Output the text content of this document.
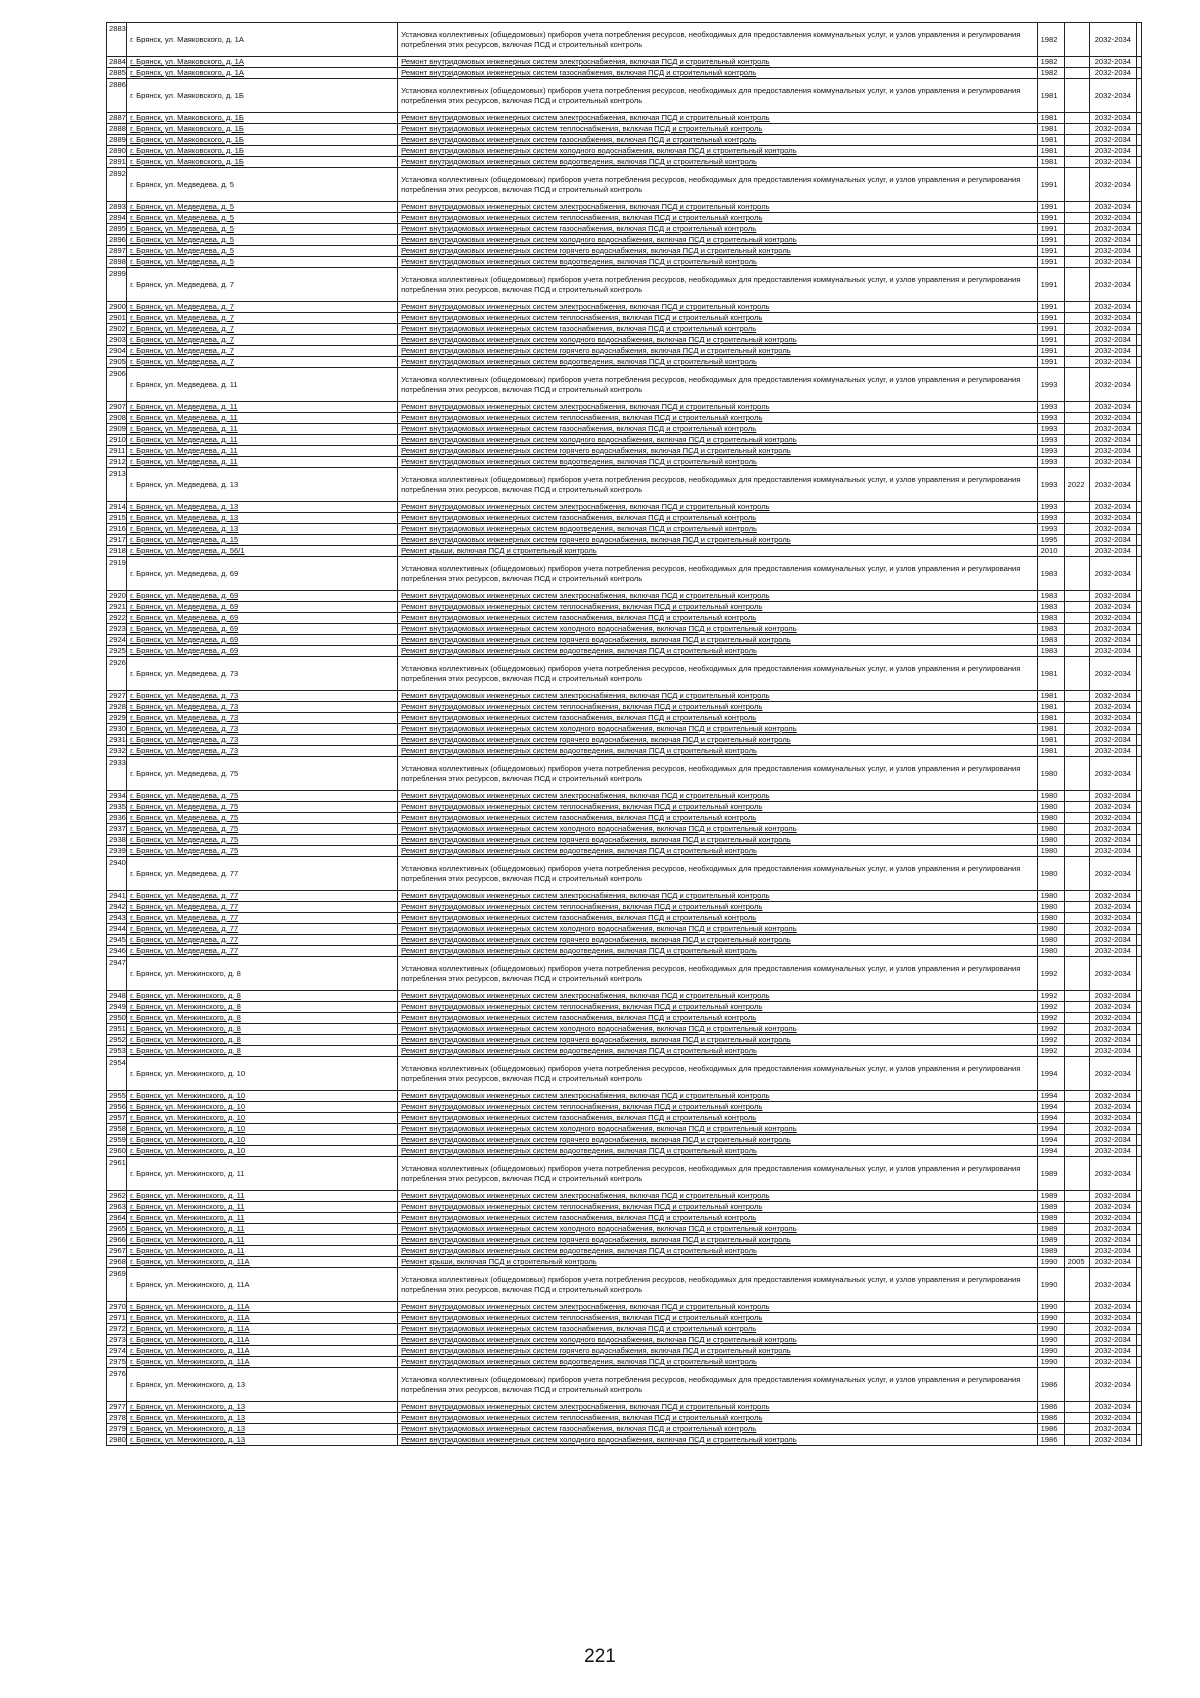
2883	г. Брянск, ул. Маяковского, д. 1А	Установка коллективных (общедомовых) приборов учета потребления ресурсов, необходимых для предоставления коммунальных услуг, и узлов управления и регулирования потребления этих ресурсов, включая ПСД и строительный контроль	1982		2032-2034	
2884	г. Брянск, ул. Маяковского, д. 1А	Ремонт внутридомовых инженерных систем электроснабжения, включая ПСД и строительный контроль	1982		2032-2034	
2885	г. Брянск, ул. Маяковского, д. 1А	Ремонт внутридомовых инженерных систем газоснабжения, включая ПСД и строительный контроль	1982		2032-2034	
2886	г. Брянск, ул. Маяковского, д. 1Б	Установка коллективных (общедомовых) приборов учета потребления ресурсов, необходимых для предоставления коммунальных услуг, и узлов управления и регулирования потребления этих ресурсов, включая ПСД и строительный контроль	1981		2032-2034	
2887	г. Брянск, ул. Маяковского, д. 1Б	Ремонт внутридомовых инженерных систем электроснабжения, включая ПСД и строительный контроль	1981		2032-2034	
2888	г. Брянск, ул. Маяковского, д. 1Б	Ремонт внутридомовых инженерных систем теплоснабжения, включая ПСД и строительный контроль	1981		2032-2034	
2889	г. Брянск, ул. Маяковского, д. 1Б	Ремонт внутридомовых инженерных систем газоснабжения, включая ПСД и строительный контроль	1981		2032-2034	
2890	г. Брянск, ул. Маяковского, д. 1Б	Ремонт внутридомовых инженерных систем холодного водоснабжения, включая ПСД и строительный контроль	1981		2032-2034	
2891	г. Брянск, ул. Маяковского, д. 1Б	Ремонт внутридомовых инженерных систем водоотведения, включая ПСД и строительный контроль	1981		2032-2034	
2892	г. Брянск, ул. Медведева, д. 5	Установка коллективных (общедомовых) приборов учета потребления ресурсов, необходимых для предоставления коммунальных услуг, и узлов управления и регулирования потребления этих ресурсов, включая ПСД и строительный контроль	1991		2032-2034	
2893	г. Брянск, ул. Медведева, д. 5	Ремонт внутридомовых инженерных систем электроснабжения, включая ПСД и строительный контроль	1991		2032-2034	
2894	г. Брянск, ул. Медведева, д. 5	Ремонт внутридомовых инженерных систем теплоснабжения, включая ПСД и строительный контроль	1991		2032-2034	
2895	г. Брянск, ул. Медведева, д. 5	Ремонт внутридомовых инженерных систем газоснабжения, включая ПСД и строительный контроль	1991		2032-2034	
2896	г. Брянск, ул. Медведева, д. 5	Ремонт внутридомовых инженерных систем холодного водоснабжения, включая ПСД и строительный контроль	1991		2032-2034	
2897	г. Брянск, ул. Медведева, д. 5	Ремонт внутридомовых инженерных систем горячего водоснабжения, включая ПСД и строительный контроль	1991		2032-2034	
2898	г. Брянск, ул. Медведева, д. 5	Ремонт внутридомовых инженерных систем водоотведения, включая ПСД и строительный контроль	1991		2032-2034	
2899	г. Брянск, ул. Медведева, д. 7	Установка коллективных (общедомовых) приборов учета потребления ресурсов, необходимых для предоставления коммунальных услуг, и узлов управления и регулирования потребления этих ресурсов, включая ПСД и строительный контроль	1991		2032-2034	
2900	г. Брянск, ул. Медведева, д. 7	Ремонт внутридомовых инженерных систем электроснабжения, включая ПСД и строительный контроль	1991		2032-2034	
2901	г. Брянск, ул. Медведева, д. 7	Ремонт внутридомовых инженерных систем теплоснабжения, включая ПСД и строительный контроль	1991		2032-2034	
2902	г. Брянск, ул. Медведева, д. 7	Ремонт внутридомовых инженерных систем газоснабжения, включая ПСД и строительный контроль	1991		2032-2034	
2903	г. Брянск, ул. Медведева, д. 7	Ремонт внутридомовых инженерных систем холодного водоснабжения, включая ПСД и строительный контроль	1991		2032-2034	
2904	г. Брянск, ул. Медведева, д. 7	Ремонт внутридомовых инженерных систем горячего водоснабжения, включая ПСД и строительный контроль	1991		2032-2034	
2905	г. Брянск, ул. Медведева, д. 7	Ремонт внутридомовых инженерных систем водоотведения, включая ПСД и строительный контроль	1991		2032-2034	
2906	г. Брянск, ул. Медведева, д. 11	Установка коллективных (общедомовых) приборов учета потребления ресурсов, необходимых для предоставления коммунальных услуг, и узлов управления и регулирования потребления этих ресурсов, включая ПСД и строительный контроль	1993		2032-2034	
2907	г. Брянск, ул. Медведева, д. 11	Ремонт внутридомовых инженерных систем электроснабжения, включая ПСД и строительный контроль	1993		2032-2034	
2908	г. Брянск, ул. Медведева, д. 11	Ремонт внутридомовых инженерных систем теплоснабжения, включая ПСД и строительный контроль	1993		2032-2034	
2909	г. Брянск, ул. Медведева, д. 11	Ремонт внутридомовых инженерных систем газоснабжения, включая ПСД и строительный контроль	1993		2032-2034	
2910	г. Брянск, ул. Медведева, д. 11	Ремонт внутридомовых инженерных систем холодного водоснабжения, включая ПСД и строительный контроль	1993		2032-2034	
2911	г. Брянск, ул. Медведева, д. 11	Ремонт внутридомовых инженерных систем горячего водоснабжения, включая ПСД и строительный контроль	1993		2032-2034	
2912	г. Брянск, ул. Медведева, д. 11	Ремонт внутридомовых инженерных систем водоотведения, включая ПСД и строительный контроль	1993		2032-2034	
2913	г. Брянск, ул. Медведева, д. 13	Установка коллективных (общедомовых) приборов учета потребления ресурсов, необходимых для предоставления коммунальных услуг, и узлов управления и регулирования потребления этих ресурсов, включая ПСД и строительный контроль	1993	2022	2032-2034	
2914	г. Брянск, ул. Медведева, д. 13	Ремонт внутридомовых инженерных систем электроснабжения, включая ПСД и строительный контроль	1993		2032-2034	
2915	г. Брянск, ул. Медведева, д. 13	Ремонт внутридомовых инженерных систем газоснабжения, включая ПСД и строительный контроль	1993		2032-2034	
2916	г. Брянск, ул. Медведева, д. 13	Ремонт внутридомовых инженерных систем водоотведения, включая ПСД и строительный контроль	1993		2032-2034	
2917	г. Брянск, ул. Медведева, д. 15	Ремонт внутридомовых инженерных систем горячего водоснабжения, включая ПСД и строительный контроль	1995		2032-2034	
2918	г. Брянск, ул. Медведева, д. 56/1	Ремонт крыши, включая ПСД и строительный контроль	2010		2032-2034	
2919	г. Брянск, ул. Медведева, д. 69	Установка коллективных (общедомовых) приборов учета потребления ресурсов, необходимых для предоставления коммунальных услуг, и узлов управления и регулирования потребления этих ресурсов, включая ПСД и строительный контроль	1983		2032-2034	
2920	г. Брянск, ул. Медведева, д. 69	Ремонт внутридомовых инженерных систем электроснабжения, включая ПСД и строительный контроль	1983		2032-2034	
2921	г. Брянск, ул. Медведева, д. 69	Ремонт внутридомовых инженерных систем теплоснабжения, включая ПСД и строительный контроль	1983		2032-2034	
2922	г. Брянск, ул. Медведева, д. 69	Ремонт внутридомовых инженерных систем газоснабжения, включая ПСД и строительный контроль	1983		2032-2034	
2923	г. Брянск, ул. Медведева, д. 69	Ремонт внутридомовых инженерных систем холодного водоснабжения, включая ПСД и строительный контроль	1983		2032-2034	
2924	г. Брянск, ул. Медведева, д. 69	Ремонт внутридомовых инженерных систем горячего водоснабжения, включая ПСД и строительный контроль	1983		2032-2034	
2925	г. Брянск, ул. Медведева, д. 69	Ремонт внутридомовых инженерных систем водоотведения, включая ПСД и строительный контроль	1983		2032-2034	
2926	г. Брянск, ул. Медведева, д. 73	Установка коллективных (общедомовых) приборов учета потребления ресурсов, необходимых для предоставления коммунальных услуг, и узлов управления и регулирования потребления этих ресурсов, включая ПСД и строительный контроль	1981		2032-2034	
2927	г. Брянск, ул. Медведева, д. 73	Ремонт внутридомовых инженерных систем электроснабжения, включая ПСД и строительный контроль	1981		2032-2034	
2928	г. Брянск, ул. Медведева, д. 73	Ремонт внутридомовых инженерных систем теплоснабжения, включая ПСД и строительный контроль	1981		2032-2034	
2929	г. Брянск, ул. Медведева, д. 73	Ремонт внутридомовых инженерных систем газоснабжения, включая ПСД и строительный контроль	1981		2032-2034	
2930	г. Брянск, ул. Медведева, д. 73	Ремонт внутридомовых инженерных систем холодного водоснабжения, включая ПСД и строительный контроль	1981		2032-2034	
2931	г. Брянск, ул. Медведева, д. 73	Ремонт внутридомовых инженерных систем горячего водоснабжения, включая ПСД и строительный контроль	1981		2032-2034	
2932	г. Брянск, ул. Медведева, д. 73	Ремонт внутридомовых инженерных систем водоотведения, включая ПСД и строительный контроль	1981		2032-2034	
2933	г. Брянск, ул. Медведева, д. 75	Установка коллективных (общедомовых) приборов учета потребления ресурсов, необходимых для предоставления коммунальных услуг, и узлов управления и регулирования потребления этих ресурсов, включая ПСД и строительный контроль	1980		2032-2034	
2934	г. Брянск, ул. Медведева, д. 75	Ремонт внутридомовых инженерных систем электроснабжения, включая ПСД и строительный контроль	1980		2032-2034	
2935	г. Брянск, ул. Медведева, д. 75	Ремонт внутридомовых инженерных систем теплоснабжения, включая ПСД и строительный контроль	1980		2032-2034	
2936	г. Брянск, ул. Медведева, д. 75	Ремонт внутридомовых инженерных систем газоснабжения, включая ПСД и строительный контроль	1980		2032-2034	
2937	г. Брянск, ул. Медведева, д. 75	Ремонт внутридомовых инженерных систем холодного водоснабжения, включая ПСД и строительный контроль	1980		2032-2034	
2938	г. Брянск, ул. Медведева, д. 75	Ремонт внутридомовых инженерных систем горячего водоснабжения, включая ПСД и строительный контроль	1980		2032-2034	
2939	г. Брянск, ул. Медведева, д. 75	Ремонт внутридомовых инженерных систем водоотведения, включая ПСД и строительный контроль	1980		2032-2034	
2940	г. Брянск, ул. Медведева, д. 77	Установка коллективных (общедомовых) приборов учета потребления ресурсов, необходимых для предоставления коммунальных услуг, и узлов управления и регулирования потребления этих ресурсов, включая ПСД и строительный контроль	1980		2032-2034	
2941	г. Брянск, ул. Медведева, д. 77	Ремонт внутридомовых инженерных систем электроснабжения, включая ПСД и строительный контроль	1980		2032-2034	
2942	г. Брянск, ул. Медведева, д. 77	Ремонт внутридомовых инженерных систем теплоснабжения, включая ПСД и строительный контроль	1980		2032-2034	
2943	г. Брянск, ул. Медведева, д. 77	Ремонт внутридомовых инженерных систем газоснабжения, включая ПСД и строительный контроль	1980		2032-2034	
2944	г. Брянск, ул. Медведева, д. 77	Ремонт внутридомовых инженерных систем холодного водоснабжения, включая ПСД и строительный контроль	1980		2032-2034	
2945	г. Брянск, ул. Медведева, д. 77	Ремонт внутридомовых инженерных систем горячего водоснабжения, включая ПСД и строительный контроль	1980		2032-2034	
2946	г. Брянск, ул. Медведева, д. 77	Ремонт внутридомовых инженерных систем водоотведения, включая ПСД и строительный контроль	1980		2032-2034	
2947	г. Брянск, ул. Менжинского, д. 8	Установка коллективных (общедомовых) приборов учета потребления ресурсов, необходимых для предоставления коммунальных услуг, и узлов управления и регулирования потребления этих ресурсов, включая ПСД и строительный контроль	1992		2032-2034	
2948	г. Брянск, ул. Менжинского, д. 8	Ремонт внутридомовых инженерных систем электроснабжения, включая ПСД и строительный контроль	1992		2032-2034	
2949	г. Брянск, ул. Менжинского, д. 8	Ремонт внутридомовых инженерных систем теплоснабжения, включая ПСД и строительный контроль	1992		2032-2034	
2950	г. Брянск, ул. Менжинского, д. 8	Ремонт внутридомовых инженерных систем газоснабжения, включая ПСД и строительный контроль	1992		2032-2034	
2951	г. Брянск, ул. Менжинского, д. 8	Ремонт внутридомовых инженерных систем холодного водоснабжения, включая ПСД и строительный контроль	1992		2032-2034	
2952	г. Брянск, ул. Менжинского, д. 8	Ремонт внутридомовых инженерных систем горячего водоснабжения, включая ПСД и строительный контроль	1992		2032-2034	
2953	г. Брянск, ул. Менжинского, д. 8	Ремонт внутридомовых инженерных систем водоотведения, включая ПСД и строительный контроль	1992		2032-2034	
2954	г. Брянск, ул. Менжинского, д. 10	Установка коллективных (общедомовых) приборов учета потребления ресурсов, необходимых для предоставления коммунальных услуг, и узлов управления и регулирования потребления этих ресурсов, включая ПСД и строительный контроль	1994		2032-2034	
2955	г. Брянск, ул. Менжинского, д. 10	Ремонт внутридомовых инженерных систем электроснабжения, включая ПСД и строительный контроль	1994		2032-2034	
2956	г. Брянск, ул. Менжинского, д. 10	Ремонт внутридомовых инженерных систем теплоснабжения, включая ПСД и строительный контроль	1994		2032-2034	
2957	г. Брянск, ул. Менжинского, д. 10	Ремонт внутридомовых инженерных систем газоснабжения, включая ПСД и строительный контроль	1994		2032-2034	
2958	г. Брянск, ул. Менжинского, д. 10	Ремонт внутридомовых инженерных систем холодного водоснабжения, включая ПСД и строительный контроль	1994		2032-2034	
2959	г. Брянск, ул. Менжинского, д. 10	Ремонт внутридомовых инженерных систем горячего водоснабжения, включая ПСД и строительный контроль	1994		2032-2034	
2960	г. Брянск, ул. Менжинского, д. 10	Ремонт внутридомовых инженерных систем водоотведения, включая ПСД и строительный контроль	1994		2032-2034	
2961	г. Брянск, ул. Менжинского, д. 11	Установка коллективных (общедомовых) приборов учета потребления ресурсов, необходимых для предоставления коммунальных услуг, и узлов управления и регулирования потребления этих ресурсов, включая ПСД и строительный контроль	1989		2032-2034	
2962	г. Брянск, ул. Менжинского, д. 11	Ремонт внутридомовых инженерных систем электроснабжения, включая ПСД и строительный контроль	1989		2032-2034	
2963	г. Брянск, ул. Менжинского, д. 11	Ремонт внутридомовых инженерных систем теплоснабжения, включая ПСД и строительный контроль	1989		2032-2034	
2964	г. Брянск, ул. Менжинского, д. 11	Ремонт внутридомовых инженерных систем газоснабжения, включая ПСД и строительный контроль	1989		2032-2034	
2965	г. Брянск, ул. Менжинского, д. 11	Ремонт внутридомовых инженерных систем холодного водоснабжения, включая ПСД и строительный контроль	1989		2032-2034	
2966	г. Брянск, ул. Менжинского, д. 11	Ремонт внутридомовых инженерных систем горячего водоснабжения, включая ПСД и строительный контроль	1989		2032-2034	
2967	г. Брянск, ул. Менжинского, д. 11	Ремонт внутридомовых инженерных систем водоотведения, включая ПСД и строительный контроль	1989		2032-2034	
2968	г. Брянск, ул. Менжинского, д. 11А	Ремонт крыши, включая ПСД и строительный контроль	1990	2005	2032-2034	
2969	г. Брянск, ул. Менжинского, д. 11А	Установка коллективных (общедомовых) приборов учета потребления ресурсов, необходимых для предоставления коммунальных услуг, и узлов управления и регулирования потребления этих ресурсов, включая ПСД и строительный контроль	1990		2032-2034	
2970	г. Брянск, ул. Менжинского, д. 11А	Ремонт внутридомовых инженерных систем электроснабжения, включая ПСД и строительный контроль	1990		2032-2034	
2971	г. Брянск, ул. Менжинского, д. 11А	Ремонт внутридомовых инженерных систем теплоснабжения, включая ПСД и строительный контроль	1990		2032-2034	
2972	г. Брянск, ул. Менжинского, д. 11А	Ремонт внутридомовых инженерных систем газоснабжения, включая ПСД и строительный контроль	1990		2032-2034	
2973	г. Брянск, ул. Менжинского, д. 11А	Ремонт внутридомовых инженерных систем холодного водоснабжения, включая ПСД и строительный контроль	1990		2032-2034	
2974	г. Брянск, ул. Менжинского, д. 11А	Ремонт внутридомовых инженерных систем горячего водоснабжения, включая ПСД и строительный контроль	1990		2032-2034	
2975	г. Брянск, ул. Менжинского, д. 11А	Ремонт внутридомовых инженерных систем водоотведения, включая ПСД и строительный контроль	1990		2032-2034	
2976	г. Брянск, ул. Менжинского, д. 13	Установка коллективных (общедомовых) приборов учета потребления ресурсов, необходимых для предоставления коммунальных услуг, и узлов управления и регулирования потребления этих ресурсов, включая ПСД и строительный контроль	1986		2032-2034	
2977	г. Брянск, ул. Менжинского, д. 13	Ремонт внутридомовых инженерных систем электроснабжения, включая ПСД и строительный контроль	1986		2032-2034	
2978	г. Брянск, ул. Менжинского, д. 13	Ремонт внутридомовых инженерных систем теплоснабжения, включая ПСД и строительный контроль	1986		2032-2034	
2979	г. Брянск, ул. Менжинского, д. 13	Ремонт внутридомовых инженерных систем газоснабжения, включая ПСД и строительный контроль	1986		2032-2034	
2980	г. Брянск, ул. Менжинского, д. 13	Ремонт внутридомовых инженерных систем холодного водоснабжения, включая ПСД и строительный контроль	1986		2032-2034	
221
